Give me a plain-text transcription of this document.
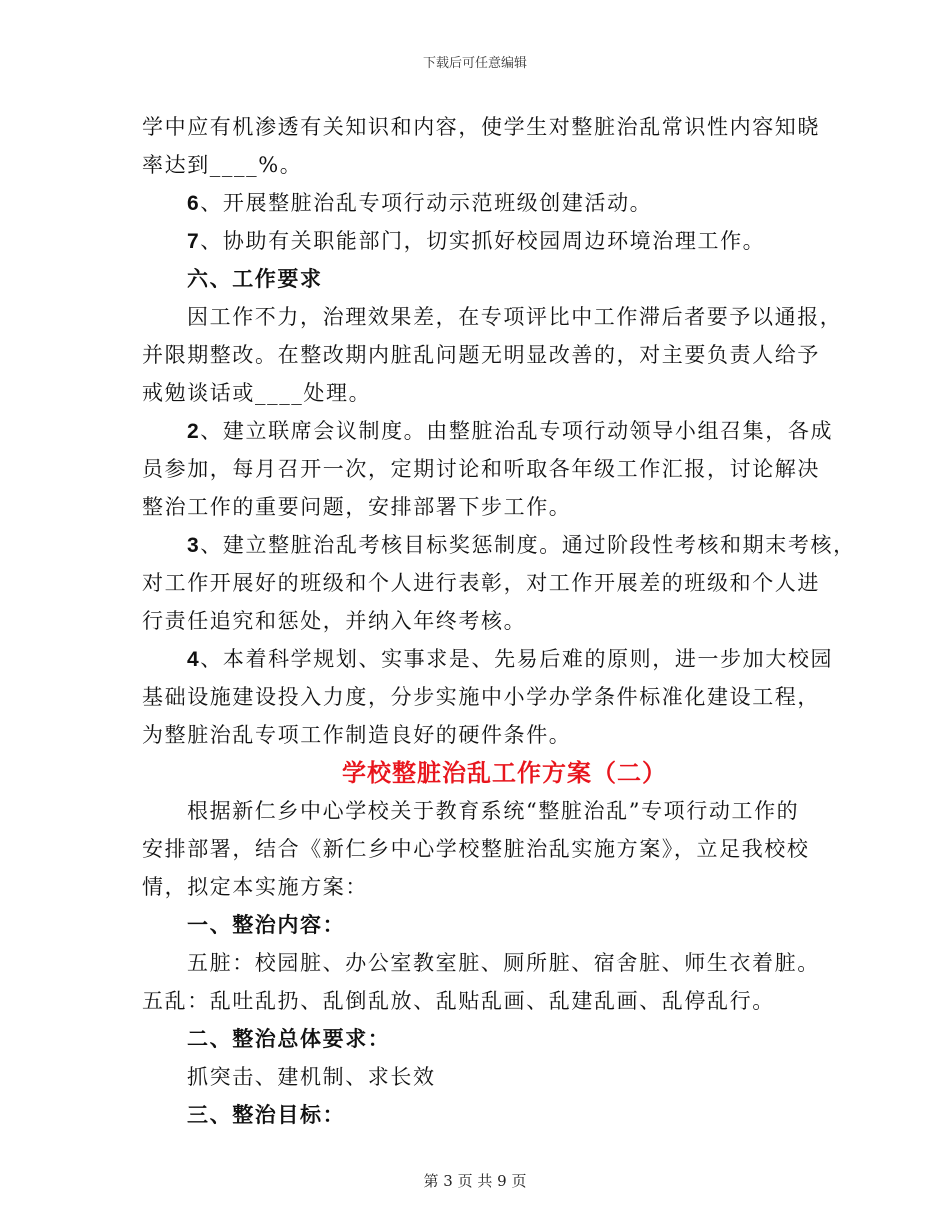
下载后可任意编辑
学中应有机渗透有关知识和内容，使学生对整脏治乱常识性内容知晓
率达到____%。
6、开展整脏治乱专项行动示范班级创建活动。
7、协助有关职能部门，切实抓好校园周边环境治理工作。
六、工作要求
因工作不力，治理效果差，在专项评比中工作滞后者要予以通报，
并限期整改。在整改期内脏乱问题无明显改善的，对主要负责人给予
戒勉谈话或____处理。
2、建立联席会议制度。由整脏治乱专项行动领导小组召集，各成
员参加，每月召开一次，定期讨论和听取各年级工作汇报，讨论解决
整治工作的重要问题，安排部署下步工作。
3、建立整脏治乱考核目标奖惩制度。通过阶段性考核和期末考核，
对工作开展好的班级和个人进行表彰，对工作开展差的班级和个人进
行责任追究和惩处，并纳入年终考核。
4、本着科学规划、实事求是、先易后难的原则，进一步加大校园
基础设施建设投入力度，分步实施中小学办学条件标准化建设工程，
为整脏治乱专项工作制造良好的硬件条件。
学校整脏治乱工作方案（二）
根据新仁乡中心学校关于教育系统“整脏治乱”专项行动工作的
安排部署，结合《新仁乡中心学校整脏治乱实施方案》，立足我校校
情，拟定本实施方案：
一、整治内容：
五脏：校园脏、办公室教室脏、厕所脏、宿舍脏、师生衣着脏。
五乱：乱吐乱扔、乱倒乱放、乱贴乱画、乱建乱画、乱停乱行。
二、整治总体要求：
抓突击、建机制、求长效
三、整治目标：
第 3 页 共 9 页
